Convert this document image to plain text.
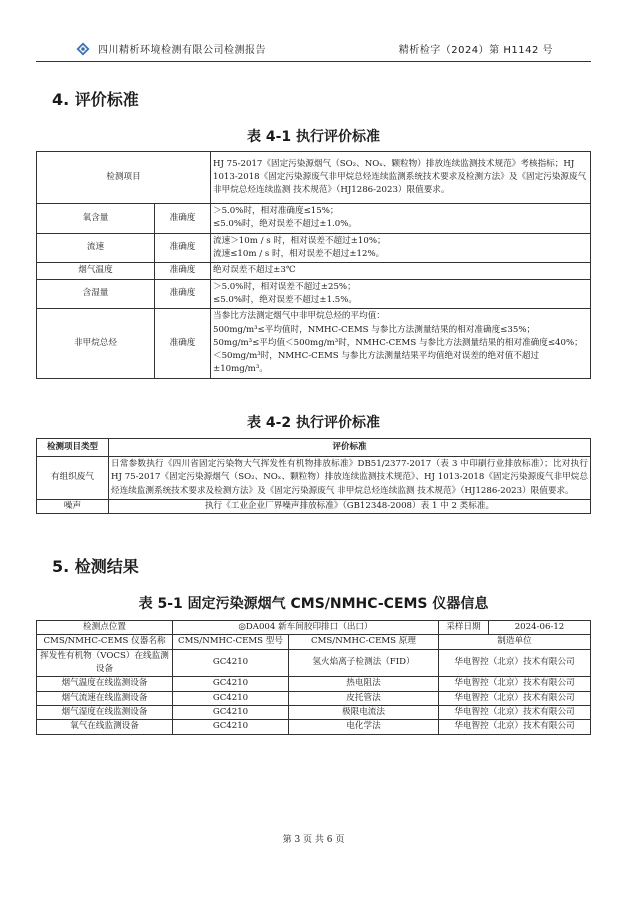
四川精析环境检测有限公司检测报告	精析检字（2024）第 H1142 号
4. 评价标准
表 4-1 执行评价标准
检测项目		HJ 75-2017《固定污染源烟气（SO₂、NOₓ、颗粒物）排放连续监测技术规范》考核指标；HJ 1013-2018《固定污染源废气非甲烷总烃连续监测系统技术要求及检测方法》及《固定污染源废气 非甲烷总烃连续监测 技术规范》（HJ1286-2023）限值要求。
氧含量	准确度	＞5.0%时，相对准确度≤15%；
≤5.0%时，绝对误差不超过±1.0%。

流速	准确度	流速＞10m / s 时，相对误差不超过±10%；
流速≤10m / s 时，相对误差不超过±12%。

烟气温度	准确度	绝对误差不超过±3℃

含湿量	准确度	＞5.0%时，相对误差不超过±25%；
≤5.0%时，绝对误差不超过±1.5%。

非甲烷总烃	准确度	当参比方法测定烟气中非甲烷总烃的平均值：
500mg/m³≤平均值时，NMHC-CEMS 与参比方法测量结果的相对准确度≤35%；
50mg/m³≤平均值＜500mg/m³时，NMHC-CEMS 与参比方法测量结果的相对准确度≤40%；
＜50mg/m³时，NMHC-CEMS 与参比方法测量结果平均值绝对误差的绝对值不超过±10mg/m³。
表 4-2 执行评价标准
检测项目类型	评价标准
有组织废气	日常参数执行《四川省固定污染物大气挥发性有机物排放标准》DB51/2377-2017（表 3 中印刷行业排放标准）；比对执行 HJ 75-2017《固定污染源烟气（SO₂、NOₓ、颗粒物）排放连续监测技术规范》、HJ 1013-2018《固定污染源废气非甲烷总烃连续监测系统技术要求及检测方法》及《固定污染源废气 非甲烷总烃连续监测 技术规范》（HJ1286-2023）限值要求。
噪声	执行《工业企业厂界噪声排放标准》（GB12348-2008）表 1 中 2 类标准。
5. 检测结果
表 5-1 固定污染源烟气 CMS/NMHC-CEMS 仪器信息
检测点位置	◎DA004 新车间胶印排口（出口）		采样日期	2024-06-12
CMS/NMHC-CEMS 仪器名称	CMS/NMHC-CEMS 型号	CMS/NMHC-CEMS 原理	制造单位	
挥发性有机物（VOCS）在线监测设备	GC4210	氢火焰离子检测法（FID）	华电智控（北京）技术有限公司	
烟气温度在线监测设备	GC4210	热电阻法	华电智控（北京）技术有限公司	
烟气流速在线监测设备	GC4210	皮托管法	华电智控（北京）技术有限公司	
烟气湿度在线监测设备	GC4210	极限电流法	华电智控（北京）技术有限公司	
氧气在线监测设备	GC4210	电化学法	华电智控（北京）技术有限公司	
第 3 页 共 6 页
